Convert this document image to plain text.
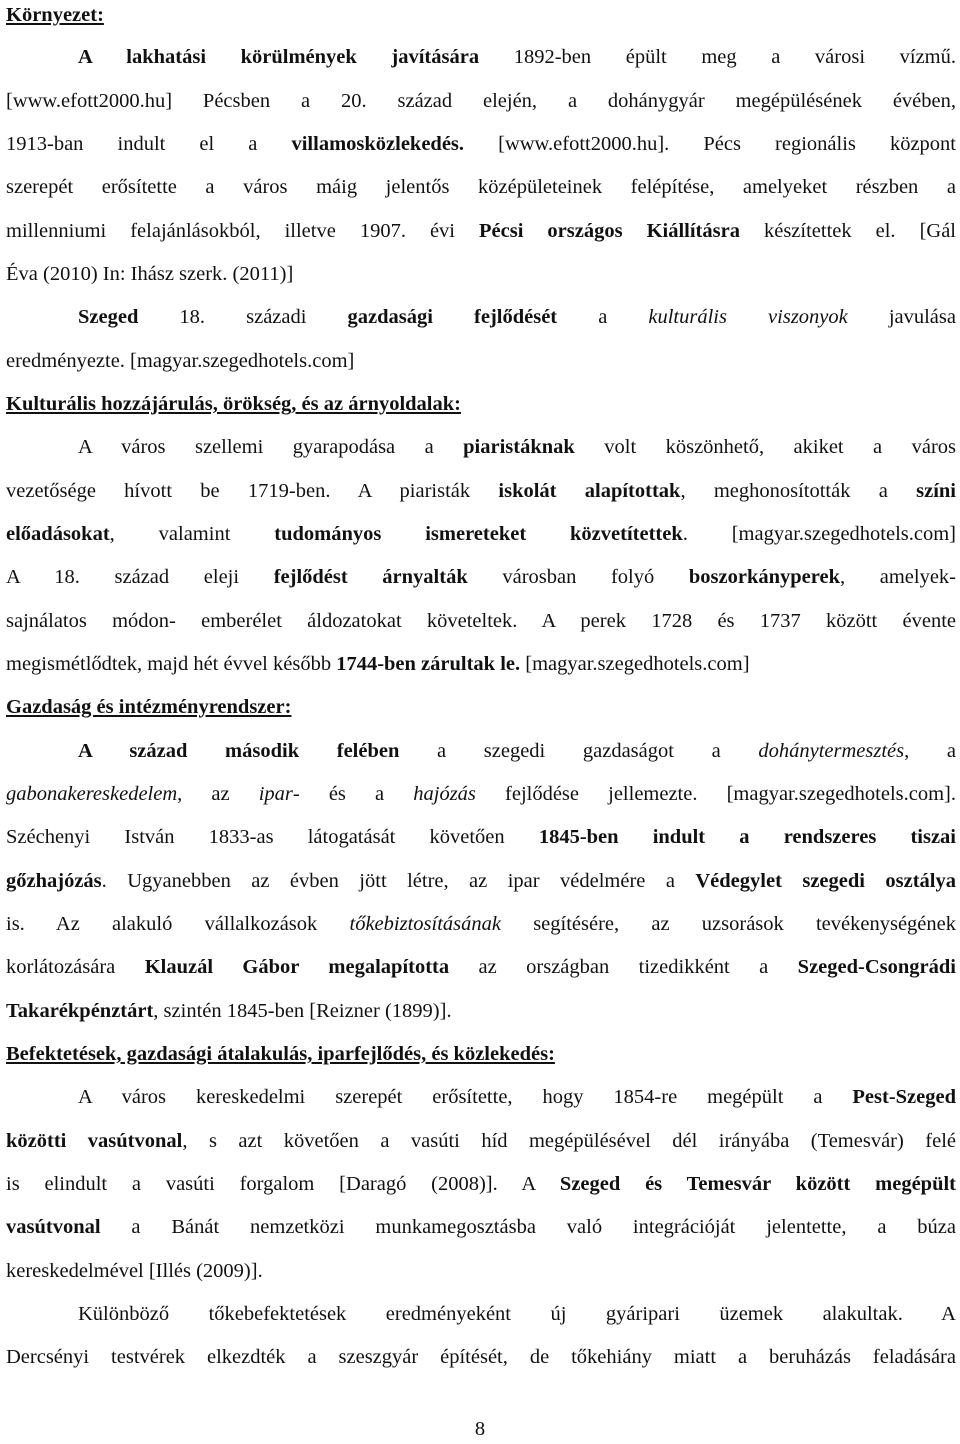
Környezet:
A lakhatási körülmények javítására 1892-ben épült meg a városi vízmű.
[www.efott2000.hu] Pécsben a 20. század elején, a dohánygyár megépülésének évében,
1913-ban indult el a villamosközlekedés. [www.efott2000.hu]. Pécs regionális központ
szerepét erősítette a város máig jelentős középületeinek felépítése, amelyeket részben a
millenniumi felajánlásokból, illetve 1907. évi Pécsi országos Kiállításra készítettek el. [Gál
Éva (2010) In: Ihász szerk. (2011)]
Szeged 18. századi gazdasági fejlődését a kulturális viszonyok javulása
eredményezte. [magyar.szegedhotels.com]
Kulturális hozzájárulás, örökség, és az árnyoldalak:
A város szellemi gyarapodása a piaristáknak volt köszönhető, akiket a város
vezetősége hívott be 1719-ben. A piaristák iskolát alapítottak, meghonosították a színi
előadásokat, valamint tudományos ismereteket közvetítettek. [magyar.szegedhotels.com]
A 18. század eleji fejlődést árnyalták városban folyó boszorkányperek, amelyek-
sajnálatos módon- emberélet áldozatokat követeltek. A perek 1728 és 1737 között évente
megismétlődtek, majd hét évvel később 1744-ben zárultak le. [magyar.szegedhotels.com]
Gazdaság és intézményrendszer:
A század második felében a szegedi gazdaságot a dohánytermesztés, a
gabonakereskedelem, az ipar- és a hajózás fejlődése jellemezte. [magyar.szegedhotels.com].
Széchenyi István 1833-as látogatását követően 1845-ben indult a rendszeres tiszai
gőzhajózás. Ugyanebben az évben jött létre, az ipar védelmére a Védegylet szegedi osztálya
is. Az alakuló vállalkozások tőkebiztosításának segítésére, az uzsorások tevékenységének
korlátozására Klauzál Gábor megalapította az országban tizedikként a Szeged-Csongrádi
Takarékpénztárt, szintén 1845-ben [Reizner (1899)].
Befektetések, gazdasági átalakulás, iparfejlődés, és közlekedés:
A város kereskedelmi szerepét erősítette, hogy 1854-re megépült a Pest-Szeged
közötti vasútvonal, s azt követően a vasúti híd megépülésével dél irányába (Temesvár) felé
is elindult a vasúti forgalom [Daragó (2008)]. A Szeged és Temesvár között megépült
vasútvonal a Bánát nemzetközi munkamegosztásba való integrációját jelentette, a búza
kereskedelmével [Illés (2009)].
Különböző tőkebefektetések eredményeként új gyáripari üzemek alakultak. A
Dercsényi testvérek elkezdték a szeszgyár építését, de tőkehiány miatt a beruházás feladására
8
